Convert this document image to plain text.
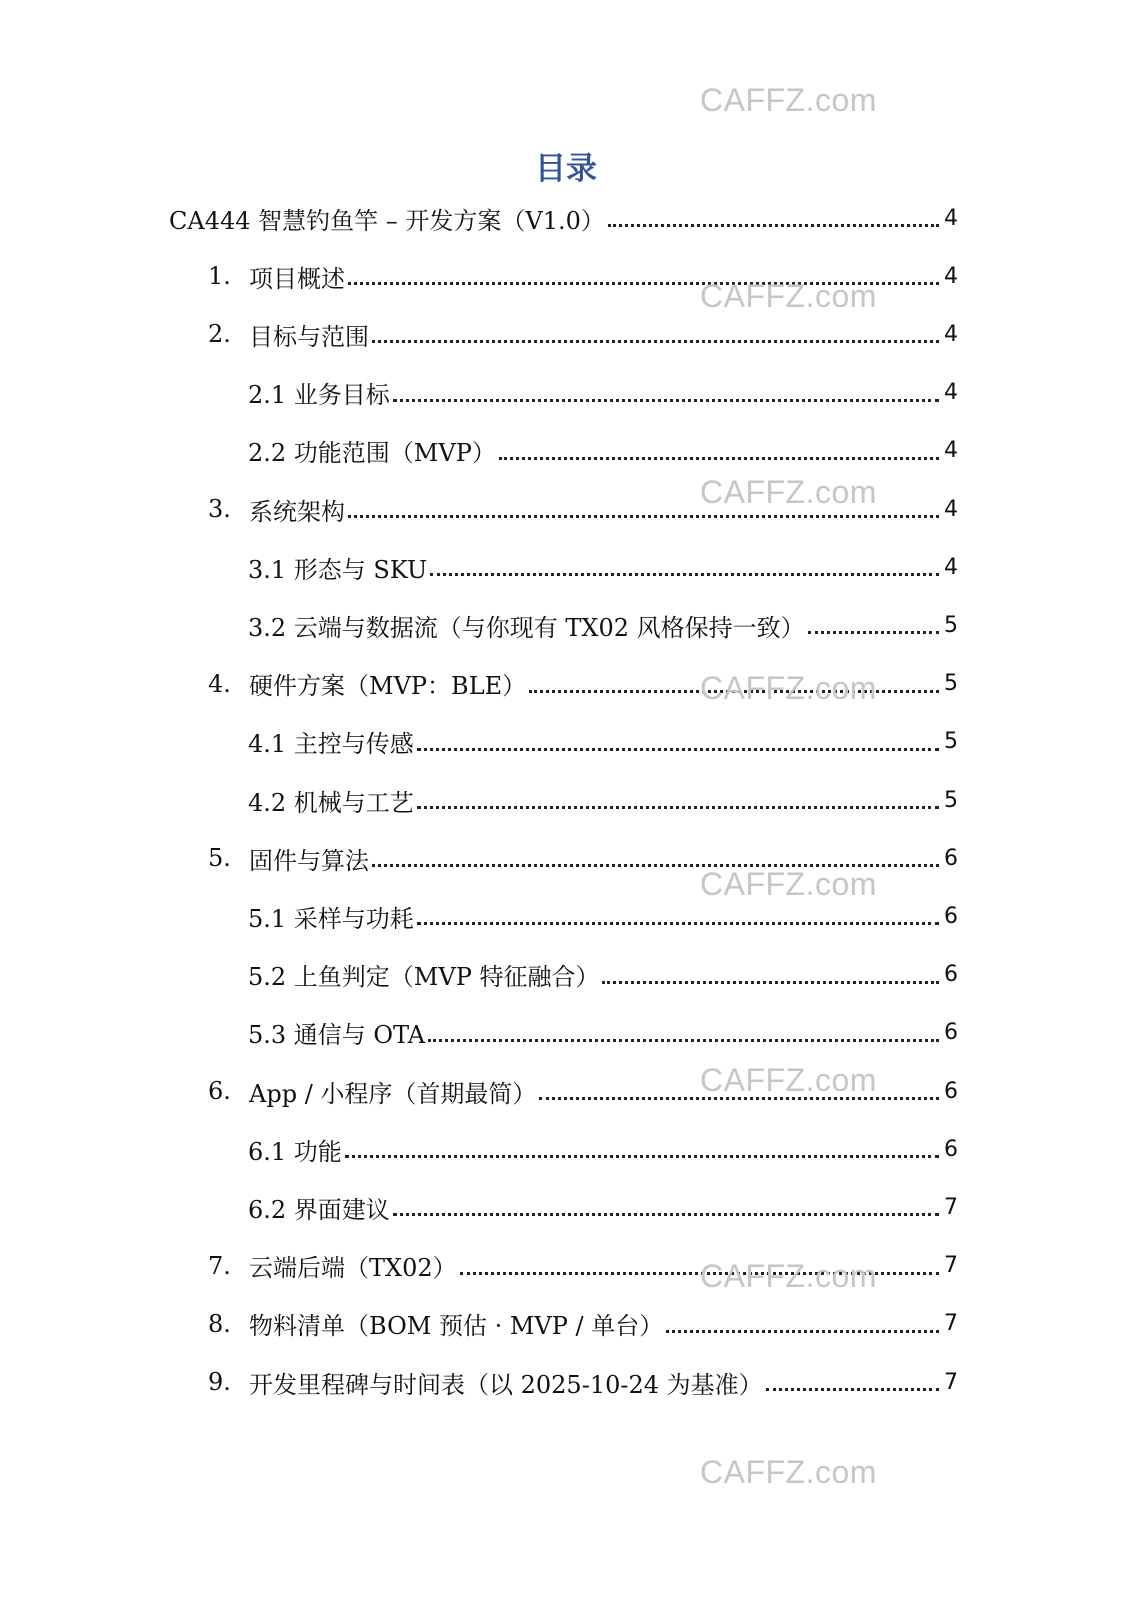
CAFFZ.com
CAFFZ.com
CAFFZ.com
CAFFZ.com
CAFFZ.com
CAFFZ.com
CAFFZ.com
CAFFZ.com
目录
CA444 智慧钓鱼竿 – 开发方案（V1.0）	4
1. 项目概述	4
2. 目标与范围	4
2.1 业务目标	4
2.2 功能范围（MVP）	4
3. 系统架构	4
3.1 形态与 SKU	4
3.2 云端与数据流（与你现有 TX02 风格保持一致）	5
4. 硬件方案（MVP：BLE）	5
4.1 主控与传感	5
4.2 机械与工艺	5
5. 固件与算法	6
5.1 采样与功耗	6
5.2 上鱼判定（MVP 特征融合）	6
5.3 通信与 OTA	6
6. App / 小程序（首期最简）	6
6.1 功能	6
6.2 界面建议	7
7. 云端后端（TX02）	7
8. 物料清单（BOM 预估 · MVP / 单台）	7
9. 开发里程碑与时间表（以 2025-10-24 为基准）	7
